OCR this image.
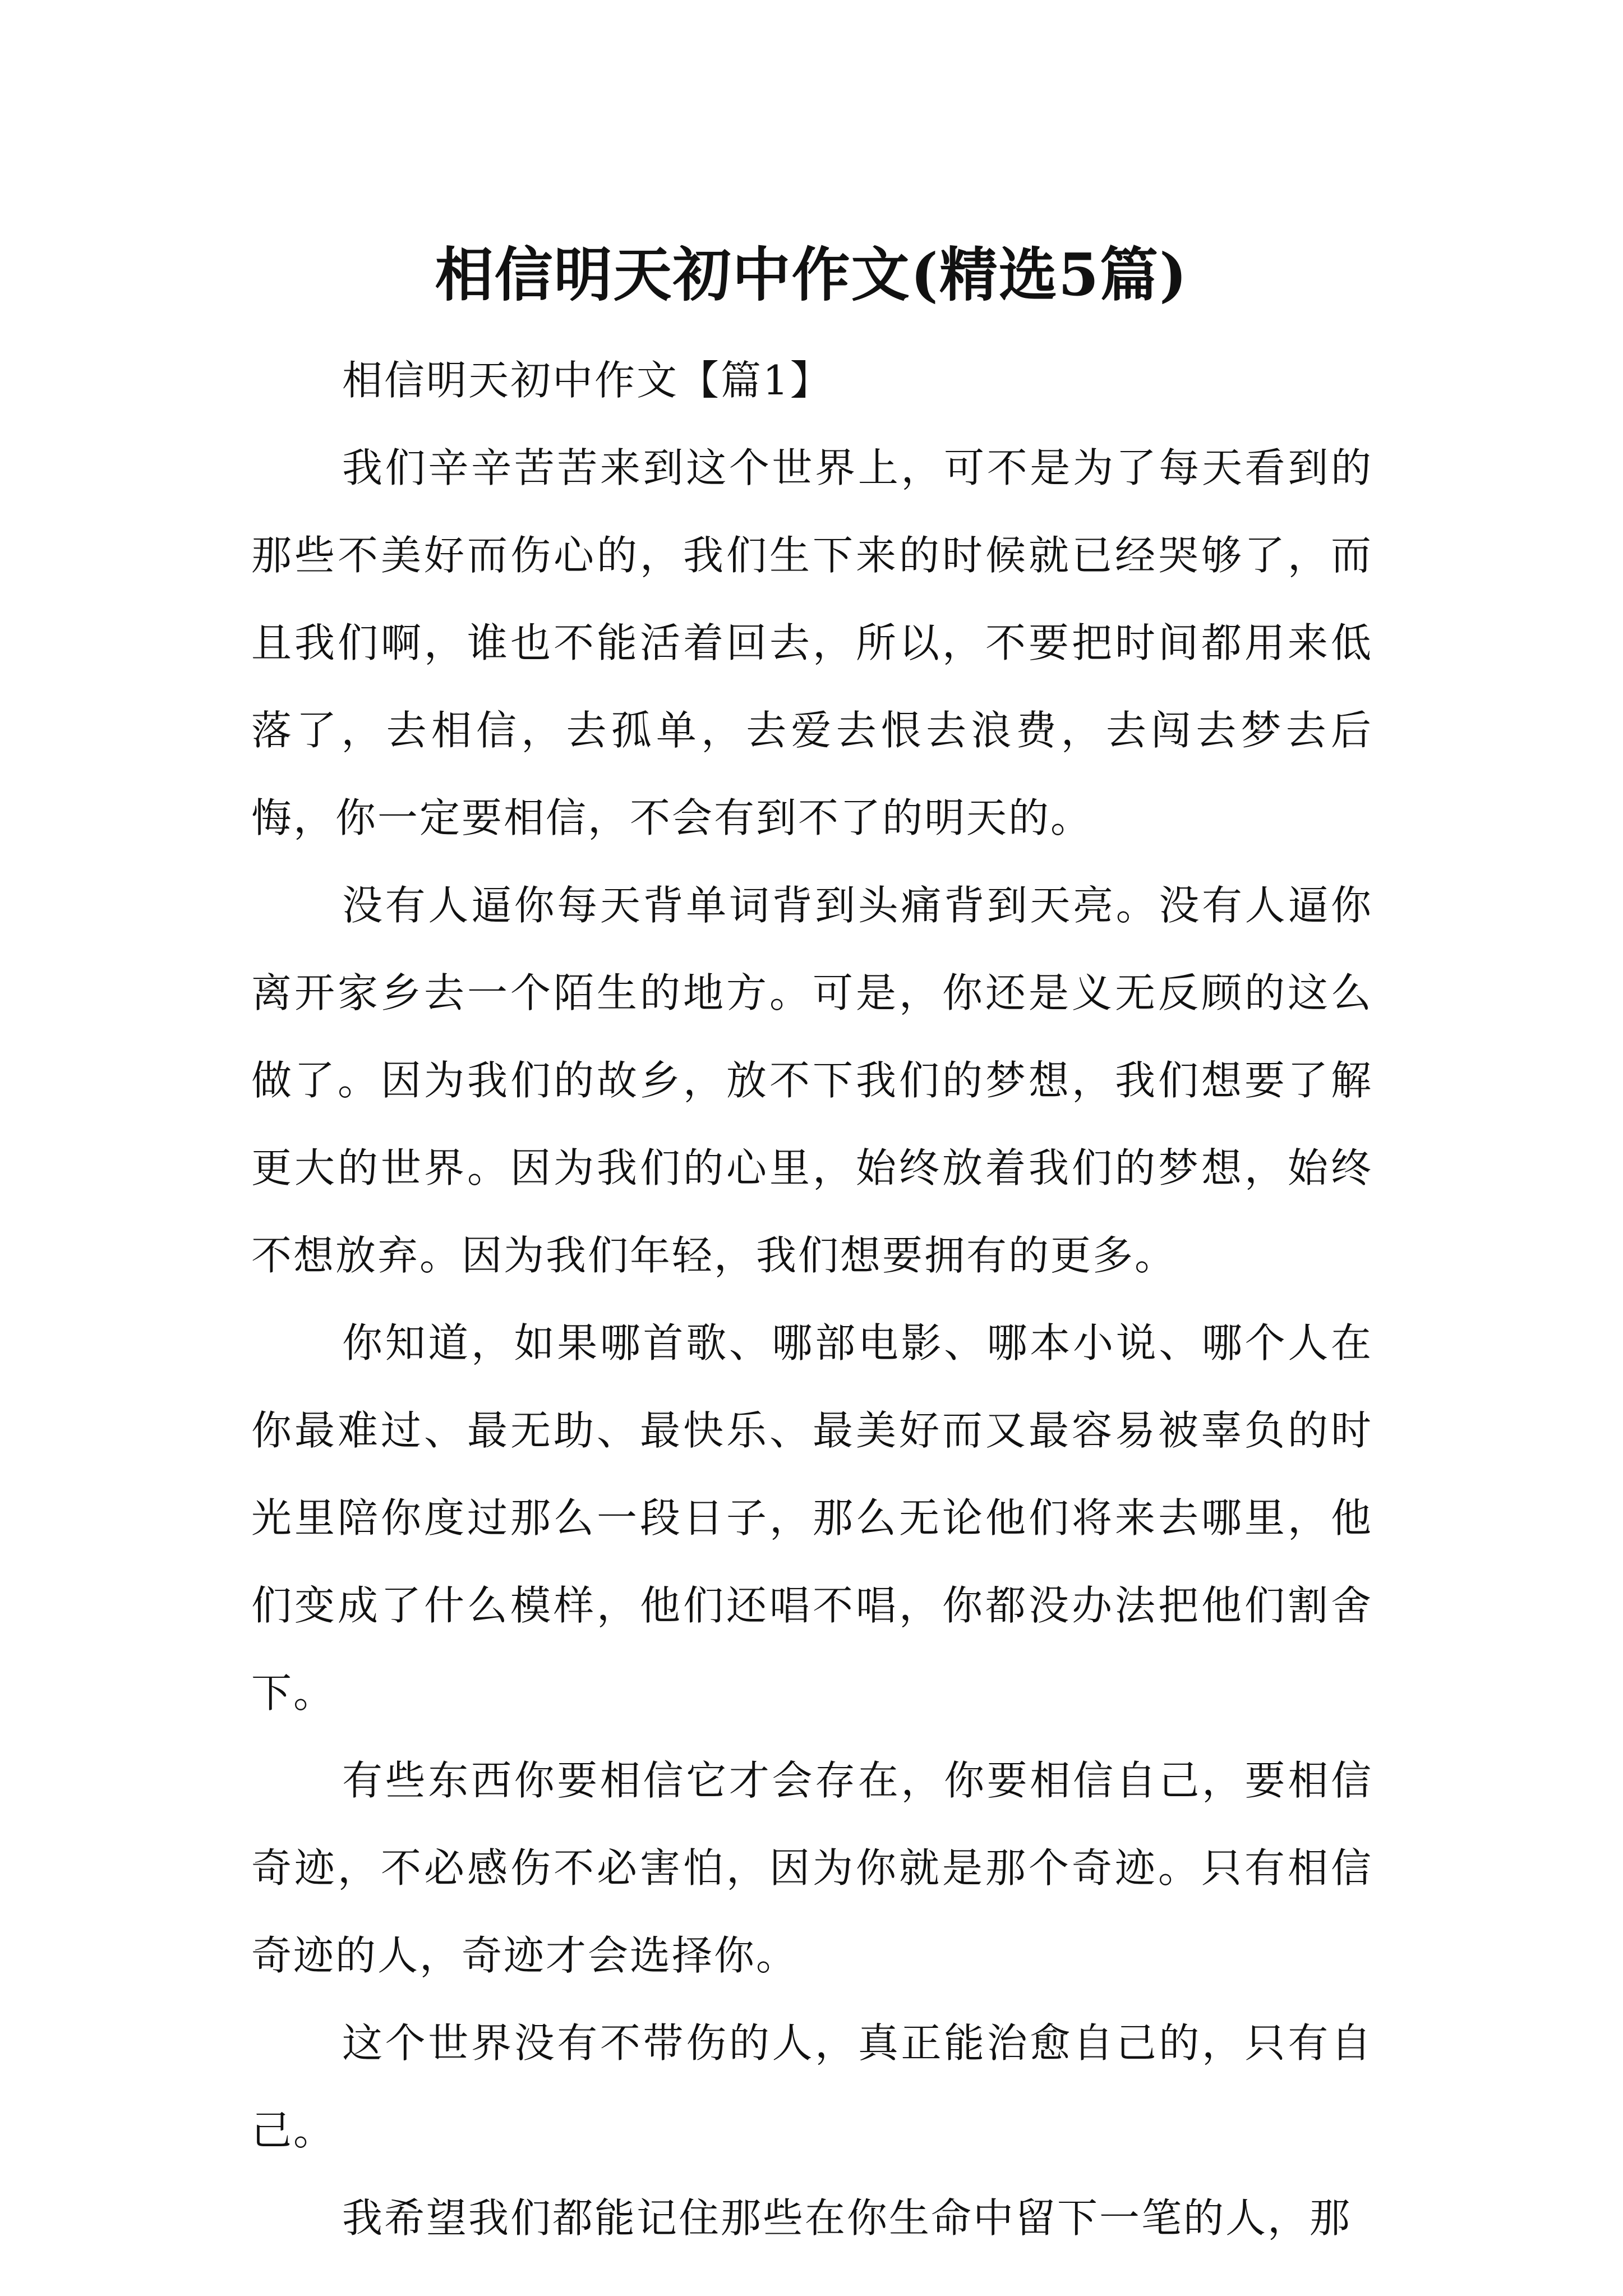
相信明天初中作文(精选5篇)

相信明天初中作文【篇1】

我们辛辛苦苦来到这个世界上，可不是为了每天看到的那些不美好而伤心的，我们生下来的时候就已经哭够了，而且我们啊，谁也不能活着回去，所以，不要把时间都用来低落了，去相信，去孤单，去爱去恨去浪费，去闯去梦去后悔，你一定要相信，不会有到不了的明天的。

没有人逼你每天背单词背到头痛背到天亮。没有人逼你离开家乡去一个陌生的地方。可是，你还是义无反顾的这么做了。因为我们的故乡，放不下我们的梦想，我们想要了解更大的世界。因为我们的心里，始终放着我们的梦想，始终不想放弃。因为我们年轻，我们想要拥有的更多。

你知道，如果哪首歌、哪部电影、哪本小说、哪个人在你最难过、最无助、最快乐、最美好而又最容易被辜负的时光里陪你度过那么一段日子，那么无论他们将来去哪里，他们变成了什么模样，他们还唱不唱，你都没办法把他们割舍下。

有些东西你要相信它才会存在，你要相信自己，要相信奇迹，不必感伤不必害怕，因为你就是那个奇迹。只有相信奇迹的人，奇迹才会选择你。

这个世界没有不带伤的人，真正能治愈自己的，只有自己。

我希望我们都能记住那些在你生命中留下一笔的人，那
